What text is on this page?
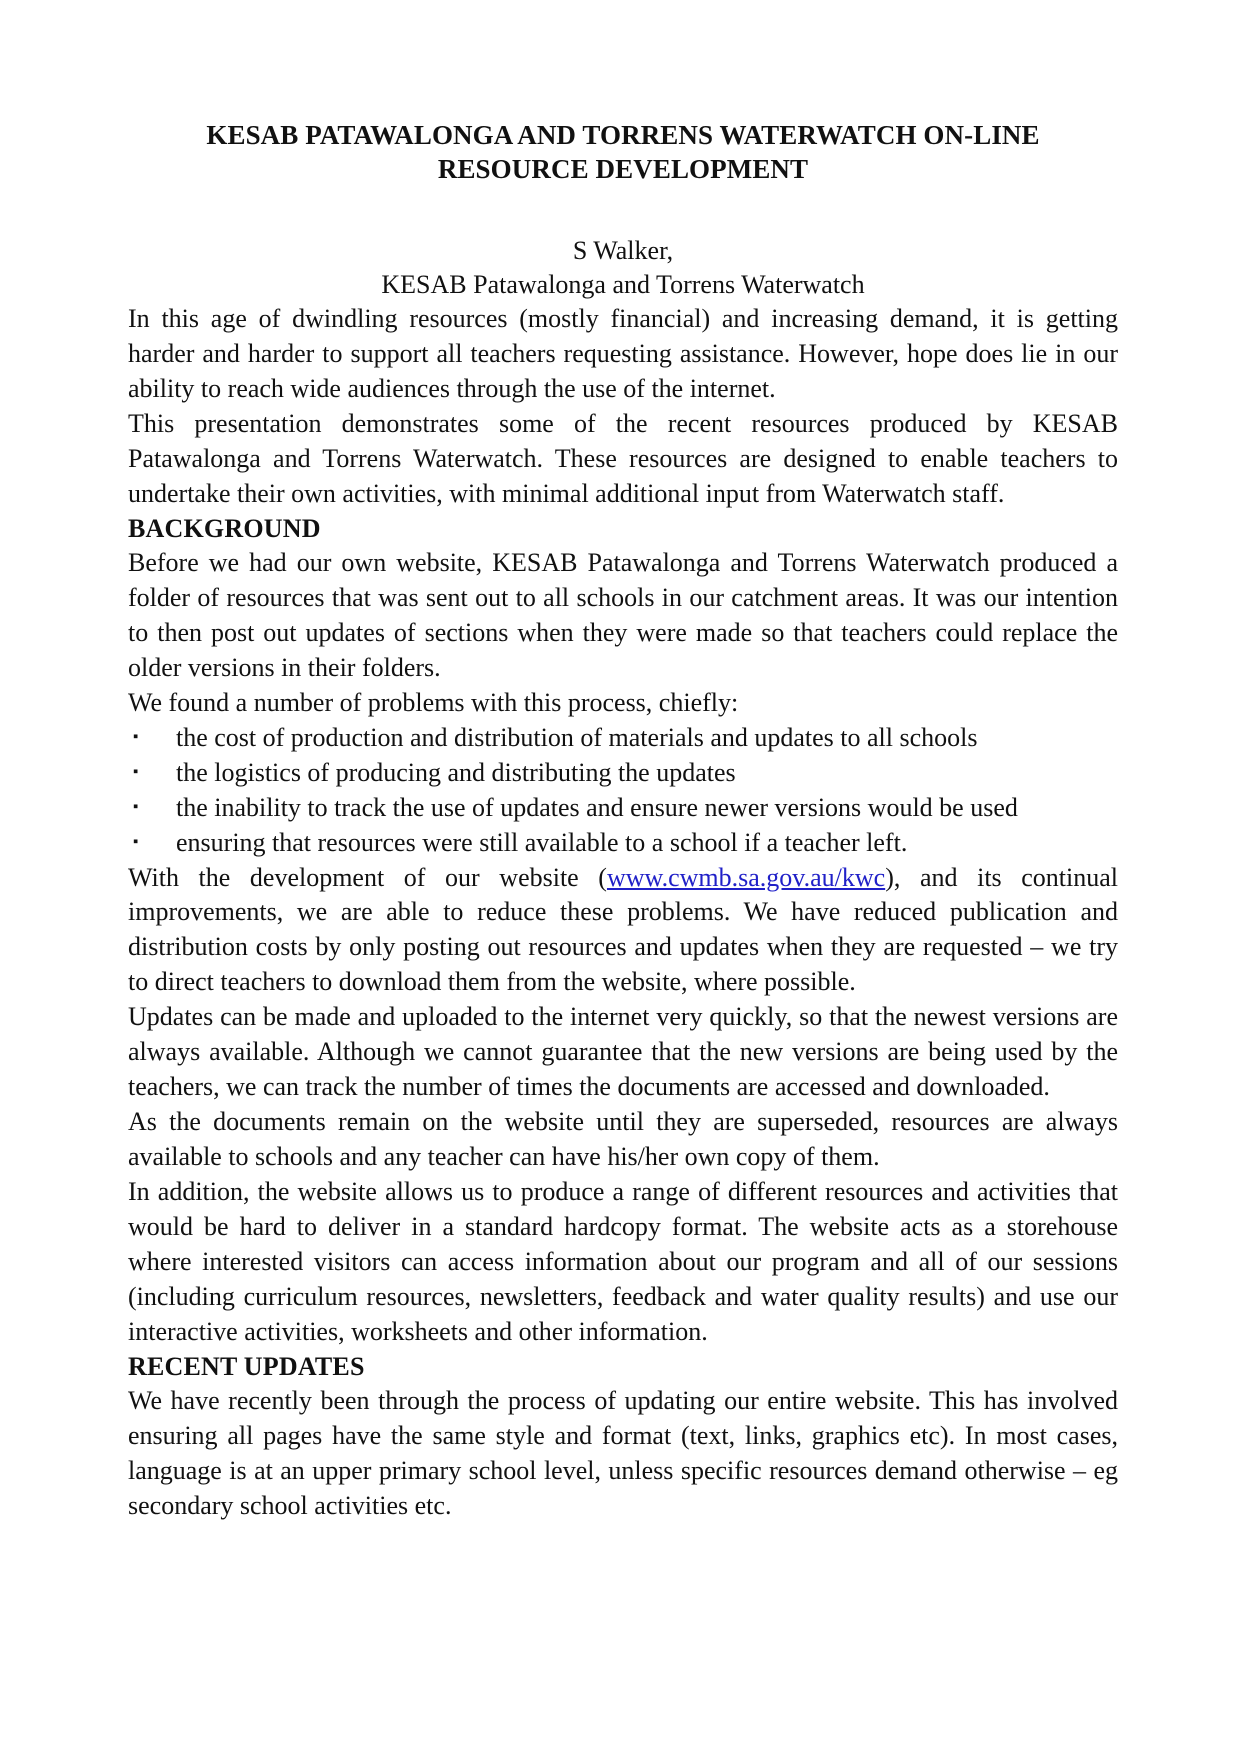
KESAB PATAWALONGA AND TORRENS WATERWATCH ON-LINE RESOURCE DEVELOPMENT
S Walker,
KESAB Patawalonga and Torrens Waterwatch

In this age of dwindling resources (mostly financial) and increasing demand, it is getting harder and harder to support all teachers requesting assistance. However, hope does lie in our ability to reach wide audiences through the use of the internet.

This presentation demonstrates some of the recent resources produced by KESAB Patawalonga and Torrens Waterwatch. These resources are designed to enable teachers to undertake their own activities, with minimal additional input from Waterwatch staff.

BACKGROUND

Before we had our own website, KESAB Patawalonga and Torrens Waterwatch produced a folder of resources that was sent out to all schools in our catchment areas. It was our intention to then post out updates of sections when they were made so that teachers could replace the older versions in their folders.

We found a number of problems with this process, chiefly:

▪ the cost of production and distribution of materials and updates to all schools
▪ the logistics of producing and distributing the updates
▪ the inability to track the use of updates and ensure newer versions would be used
▪ ensuring that resources were still available to a school if a teacher left.

With the development of our website (www.cwmb.sa.gov.au/kwc), and its continual improvements, we are able to reduce these problems. We have reduced publication and distribution costs by only posting out resources and updates when they are requested – we try to direct teachers to download them from the website, where possible.

Updates can be made and uploaded to the internet very quickly, so that the newest versions are always available. Although we cannot guarantee that the new versions are being used by the teachers, we can track the number of times the documents are accessed and downloaded.

As the documents remain on the website until they are superseded, resources are always available to schools and any teacher can have his/her own copy of them.

In addition, the website allows us to produce a range of different resources and activities that would be hard to deliver in a standard hardcopy format. The website acts as a storehouse where interested visitors can access information about our program and all of our sessions (including curriculum resources, newsletters, feedback and water quality results) and use our interactive activities, worksheets and other information.

RECENT UPDATES

We have recently been through the process of updating our entire website. This has involved ensuring all pages have the same style and format (text, links, graphics etc). In most cases, language is at an upper primary school level, unless specific resources demand otherwise – eg secondary school activities etc.
